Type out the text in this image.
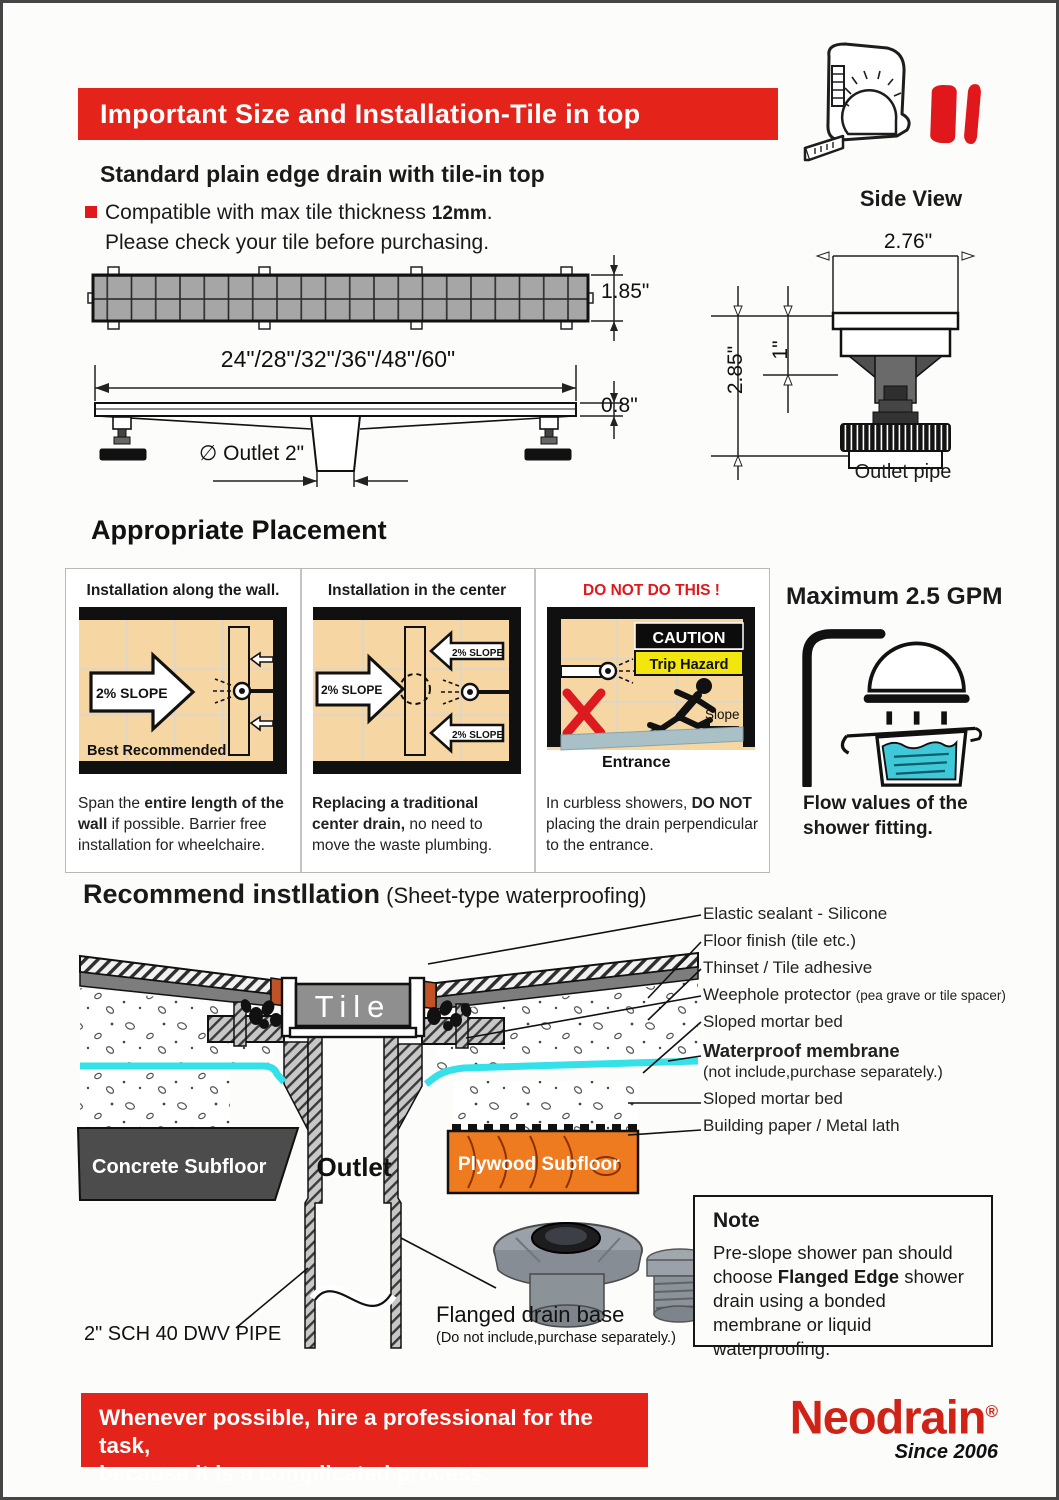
Important Size and Installation-Tile in top
Standard plain edge drain with tile-in top
Compatible with max tile thickness 12mm.
Please check your tile before purchasing.
1.85"
24"/28"/32"/36"/48"/60"
0.8"
∅ Outlet 2"
Side View
2.76"
2.85" 1"
Outlet pipe
Appropriate Placement
Installation along the wall.
2% SLOPE
Best Recommended
Span the entire length of the wall if possible. Barrier free installation for wheelchaire.
Installation in the center
2% SLOPE
2% SLOPE
2% SLOPE
Replacing a traditional center drain, no need to move the waste plumbing.
DO NOT DO THIS !
CAUTION
Trip Hazard
Slope
Entrance
In curbless showers, DO NOT placing the drain perpendicular to the entrance.
Maximum 2.5 GPM
Flow values of the
shower fitting.
Recommend instllation (Sheet-type waterproofing)
Tile
Concrete Subfloor Outlet	Plywood Subfloor
2" SCH 40 DWV PIPE
Flanged drain base
(Do not include,purchase separately.)
Elastic sealant - Silicone
Floor finish (tile etc.)
Thinset / Tile adhesive
Weephole protector (pea grave or tile spacer)
Sloped mortar bed
Waterproof membrane
(not include,purchase separately.)
Sloped mortar bed
Building paper / Metal lath
Note
Pre-slope shower pan should choose Flanged Edge shower drain using a bonded membrane or liquid waterproofing.
Whenever possible, hire a professional for the task,
because it is a complicated process.
Neodrain®
Since 2006
